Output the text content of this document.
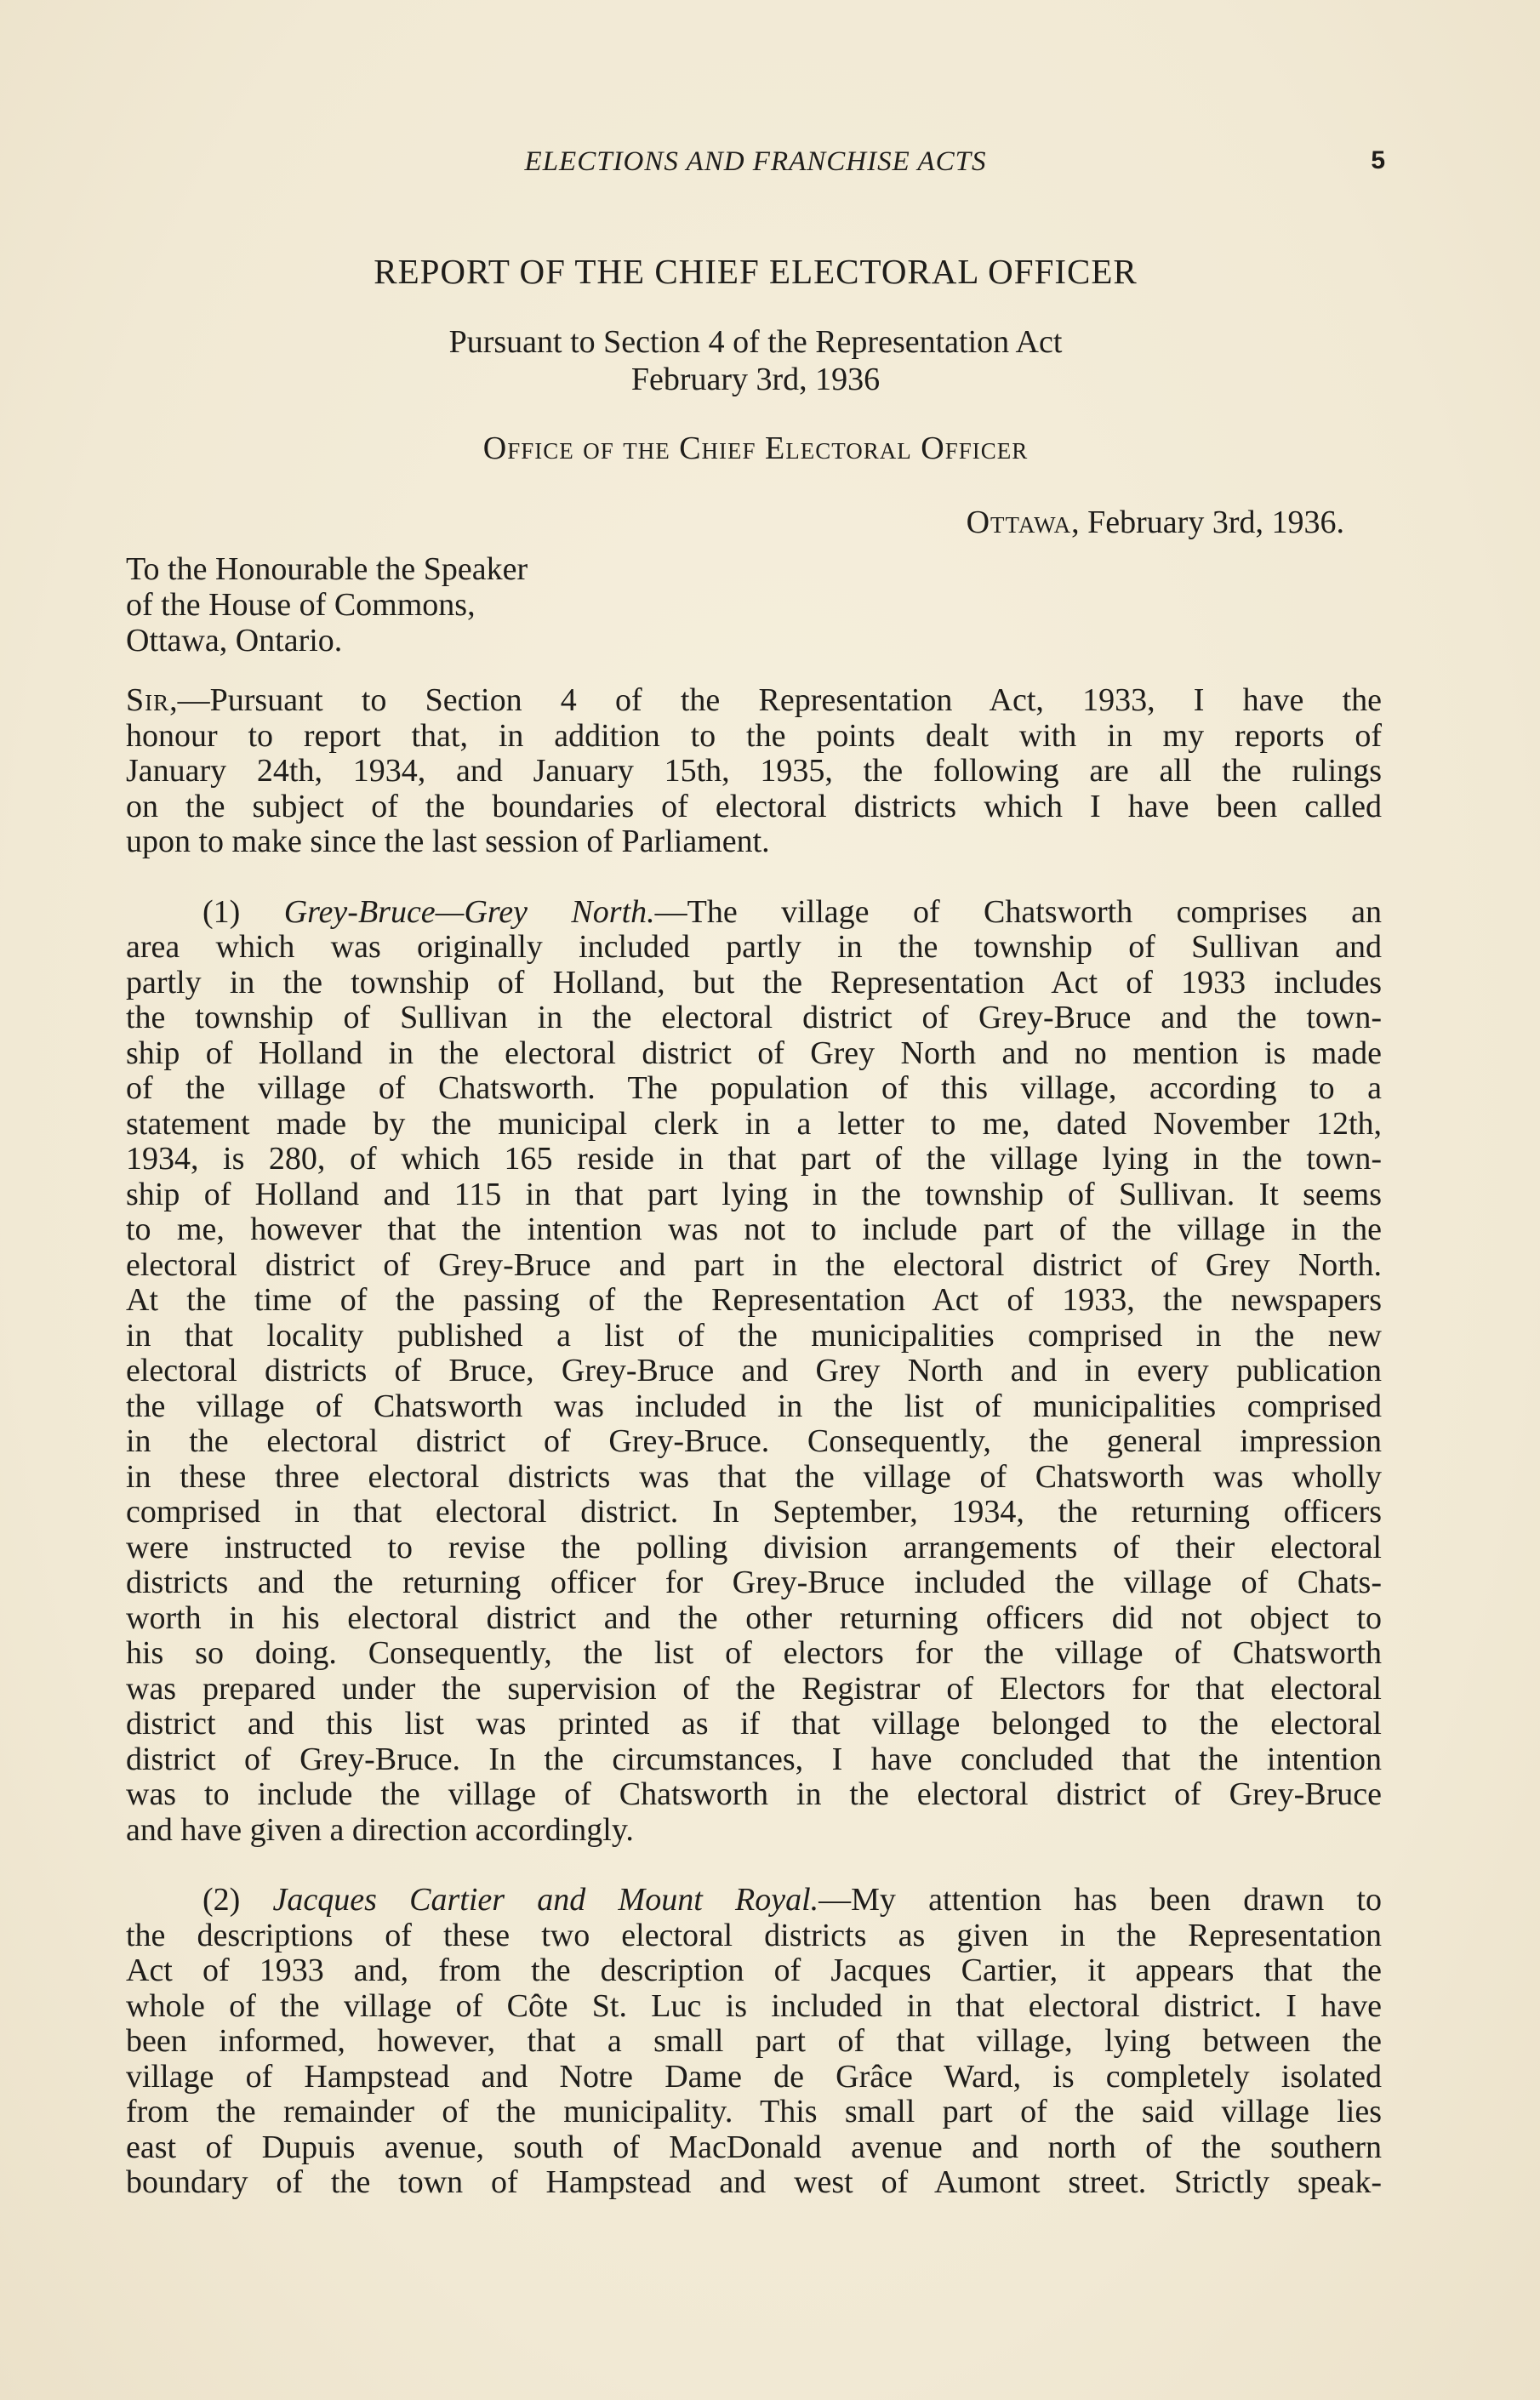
ELECTIONS AND FRANCHISE ACTS	5
REPORT OF THE CHIEF ELECTORAL OFFICER
Pursuant to Section 4 of the Representation Act
February 3rd, 1936
Office of the Chief Electoral Officer
Ottawa, February 3rd, 1936.
To the Honourable the Speaker
of the House of Commons,
Ottawa, Ontario.
Sir,—Pursuant to Section 4 of the Representation Act, 1933, I have the
honour to report that, in addition to the points dealt with in my reports of
January 24th, 1934, and January 15th, 1935, the following are all the rulings
on the subject of the boundaries of electoral districts which I have been called
upon to make since the last session of Parliament.
(1) Grey-Bruce—Grey North.—The village of Chatsworth comprises an
area which was originally included partly in the township of Sullivan and
partly in the township of Holland, but the Representation Act of 1933 includes
the township of Sullivan in the electoral district of Grey-Bruce and the town-
ship of Holland in the electoral district of Grey North and no mention is made
of the village of Chatsworth. The population of this village, according to a
statement made by the municipal clerk in a letter to me, dated November 12th,
1934, is 280, of which 165 reside in that part of the village lying in the town-
ship of Holland and 115 in that part lying in the township of Sullivan. It seems
to me, however that the intention was not to include part of the village in the
electoral district of Grey-Bruce and part in the electoral district of Grey North.
At the time of the passing of the Representation Act of 1933, the newspapers
in that locality published a list of the municipalities comprised in the new
electoral districts of Bruce, Grey-Bruce and Grey North and in every publication
the village of Chatsworth was included in the list of municipalities comprised
in the electoral district of Grey-Bruce. Consequently, the general impression
in these three electoral districts was that the village of Chatsworth was wholly
comprised in that electoral district. In September, 1934, the returning officers
were instructed to revise the polling division arrangements of their electoral
districts and the returning officer for Grey-Bruce included the village of Chats-
worth in his electoral district and the other returning officers did not object to
his so doing. Consequently, the list of electors for the village of Chatsworth
was prepared under the supervision of the Registrar of Electors for that electoral
district and this list was printed as if that village belonged to the electoral
district of Grey-Bruce. In the circumstances, I have concluded that the intention
was to include the village of Chatsworth in the electoral district of Grey-Bruce
and have given a direction accordingly.
(2) Jacques Cartier and Mount Royal.—My attention has been drawn to
the descriptions of these two electoral districts as given in the Representation
Act of 1933 and, from the description of Jacques Cartier, it appears that the
whole of the village of Côte St. Luc is included in that electoral district. I have
been informed, however, that a small part of that village, lying between the
village of Hampstead and Notre Dame de Grâce Ward, is completely isolated
from the remainder of the municipality. This small part of the said village lies
east of Dupuis avenue, south of MacDonald avenue and north of the southern
boundary of the town of Hampstead and west of Aumont street. Strictly speak-
